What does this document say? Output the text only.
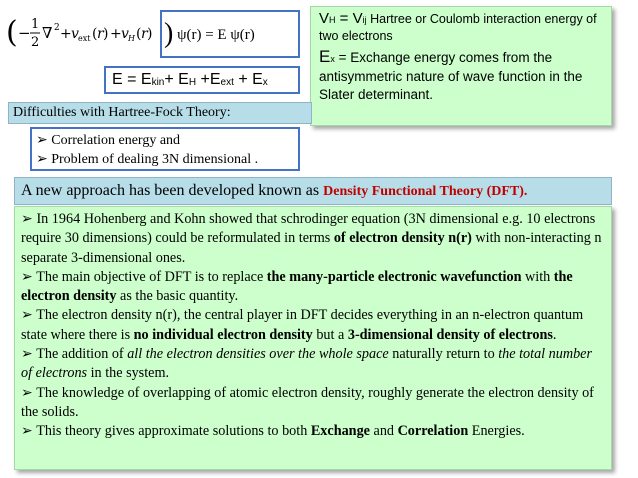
( − 1
2
∇ 2 + v ext ( r ) + v H ( r ) ) ψ(r) = E ψ(r)
$E = E_{kin}+ E_H +E_{ext} + E_x$
VH = Vij Hartree or Coulomb interaction energy of two electrons
Ex = Exchange energy comes from the antisymmetric nature of wave function in the Slater determinant.
Difficulties with Hartree-Fock Theory:
➢ Correlation energy and
➢ Problem of dealing 3N dimensional .
A new approach has been developed known as Density Functional Theory (DFT).

➢ In 1964 Hohenberg and Kohn showed that schrodinger equation (3N dimensional e.g. 10 electrons require 30 dimensions) could be reformulated in terms of electron density n(r) with non-interacting n separate 3-dimensional ones.

➢ The main objective of DFT is to replace the many-particle electronic wavefunction with the electron density as the basic quantity.

➢ The electron density n(r), the central player in DFT decides everything in an n-electron quantum state where there is no individual electron density but a 3-dimensional density of electrons.

➢ The addition of all the electron densities over the whole space naturally return to the total number of electrons in the system.

➢ The knowledge of overlapping of atomic electron density, roughly generate the electron density of the solids.

➢ This theory gives approximate solutions to both Exchange and Correlation Energies.
